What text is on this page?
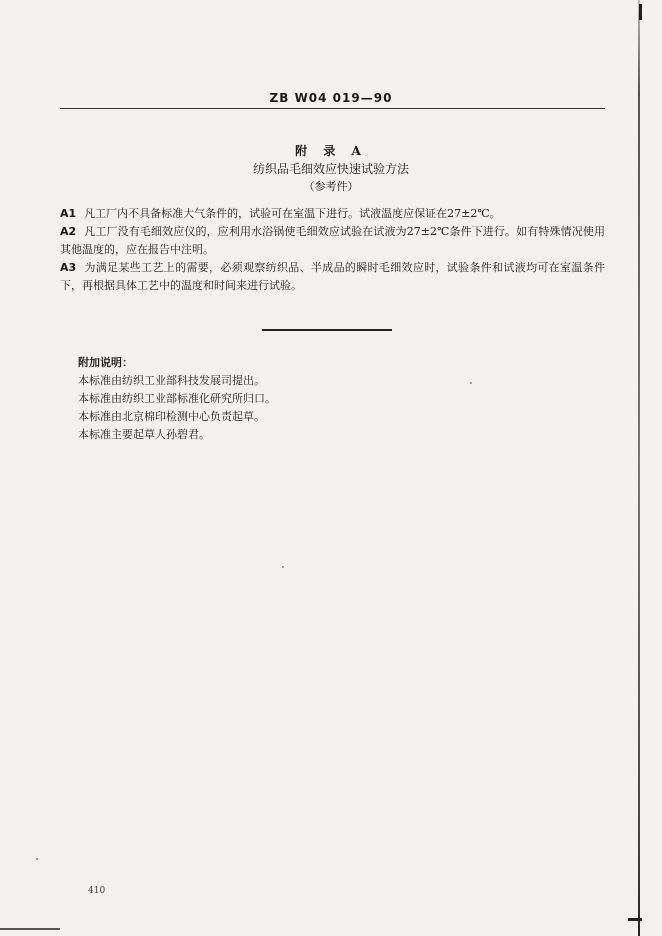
ZB W04 019—90
附 录 A
纺织品毛细效应快速试验方法
（参考件）

A1 凡工厂内不具备标准大气条件的，试验可在室温下进行。试液温度应保证在27±2℃。

A2 凡工厂没有毛细效应仪的，应利用水浴锅使毛细效应试验在试液为27±2℃条件下进行。如有特殊情况使用其他温度的，应在报告中注明。

A3 为满足某些工艺上的需要，必须观察纺织品、半成品的瞬时毛细效应时，试验条件和试液均可在室温条件下，再根据具体工艺中的温度和时间来进行试验。

附加说明：
本标准由纺织工业部科技发展司提出。
本标准由纺织工业部标准化研究所归口。
本标准由北京棉印检测中心负责起草。
本标准主要起草人孙碧君。
410
